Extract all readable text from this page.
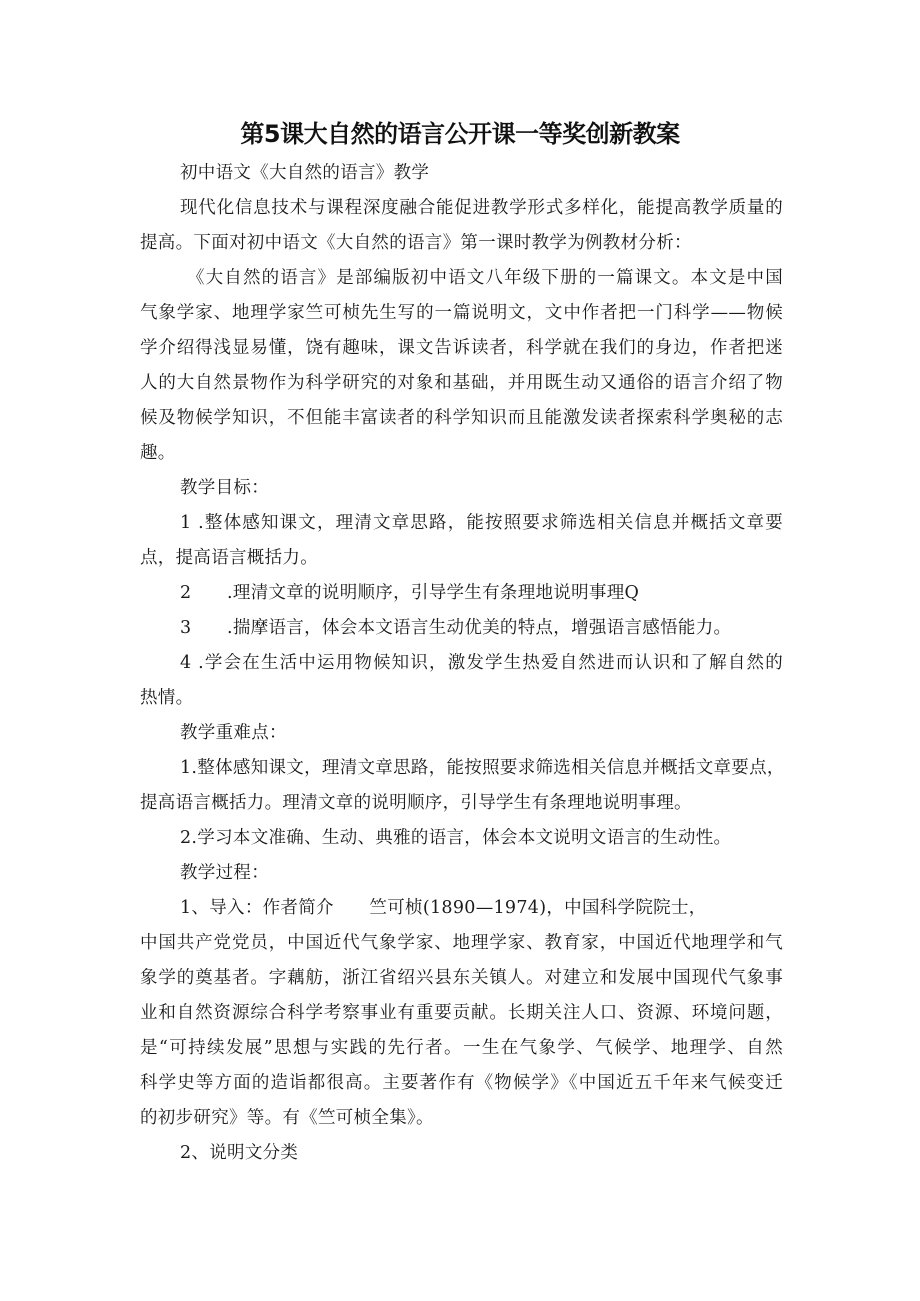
第5课大自然的语言公开课一等奖创新教案
初中语文《大自然的语言》教学
现代化信息技术与课程深度融合能促进教学形式多样化，能提高教学质量的
提高。下面对初中语文《大自然的语言》第一课时教学为例教材分析：
《大自然的语言》是部编版初中语文八年级下册的一篇课文。本文是中国
气象学家、地理学家竺可桢先生写的一篇说明文，文中作者把一门科学——物候
学介绍得浅显易懂，饶有趣味，课文告诉读者，科学就在我们的身边，作者把迷
人的大自然景物作为科学研究的对象和基础，并用既生动又通俗的语言介绍了物
候及物候学知识，不但能丰富读者的科学知识而且能激发读者探索科学奥秘的志
趣。
教学目标：
1 .整体感知课文，理清文章思路，能按照要求筛选相关信息并概括文章要
点，提高语言概括力。
2　　.理清文章的说明顺序，引导学生有条理地说明事理Q
3　　.揣摩语言，体会本文语言生动优美的特点，增强语言感悟能力。
4 .学会在生活中运用物候知识，激发学生热爱自然进而认识和了解自然的
热情。
教学重难点：
1.整体感知课文，理清文章思路，能按照要求筛选相关信息并概括文章要点，
提高语言概括力。理清文章的说明顺序，引导学生有条理地说明事理。
2.学习本文准确、生动、典雅的语言，体会本文说明文语言的生动性。
教学过程：
1、导入：作者简介　　竺可桢(1890—1974)，中国科学院院士，
中国共产党党员，中国近代气象学家、地理学家、教育家，中国近代地理学和气
象学的奠基者。字藕舫，浙江省绍兴县东关镇人。对建立和发展中国现代气象事
业和自然资源综合科学考察事业有重要贡献。长期关注人口、资源、环境问题，
是“可持续发展”思想与实践的先行者。一生在气象学、气候学、地理学、自然
科学史等方面的造诣都很高。主要著作有《物候学》《中国近五千年来气候变迁
的初步研究》等。有《竺可桢全集》。
2、说明文分类
